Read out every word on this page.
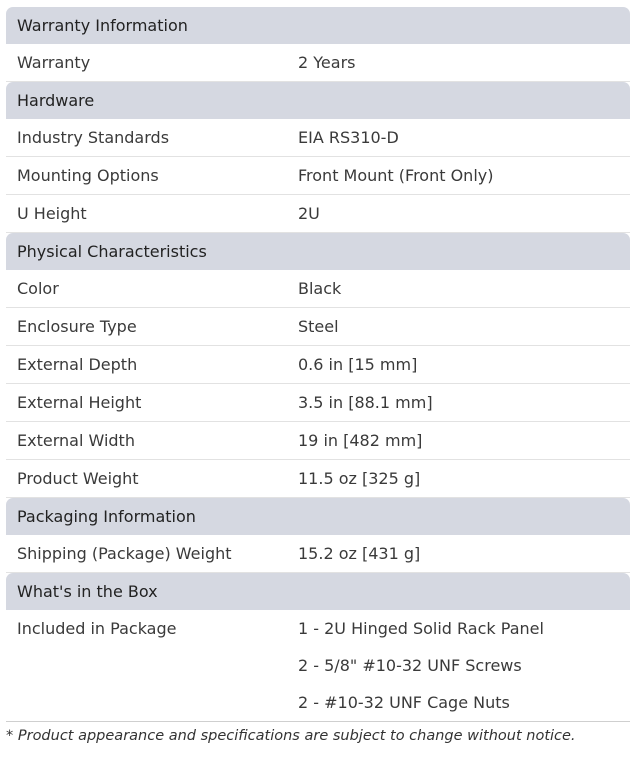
Warranty Information
Warranty	2 Years
Hardware
Industry Standards	EIA RS310-D
Mounting Options	Front Mount (Front Only)
U Height	2U
Physical Characteristics
Color	Black
Enclosure Type	Steel
External Depth	0.6 in [15 mm]
External Height	3.5 in [88.1 mm]
External Width	19 in [482 mm]
Product Weight	11.5 oz [325 g]
Packaging Information
Shipping (Package) Weight	15.2 oz [431 g]
What's in the Box
Included in Package	1 - 2U Hinged Solid Rack Panel
2 - 5/8" #10-32 UNF Screws
2 - #10-32 UNF Cage Nuts
* Product appearance and specifications are subject to change without notice.
